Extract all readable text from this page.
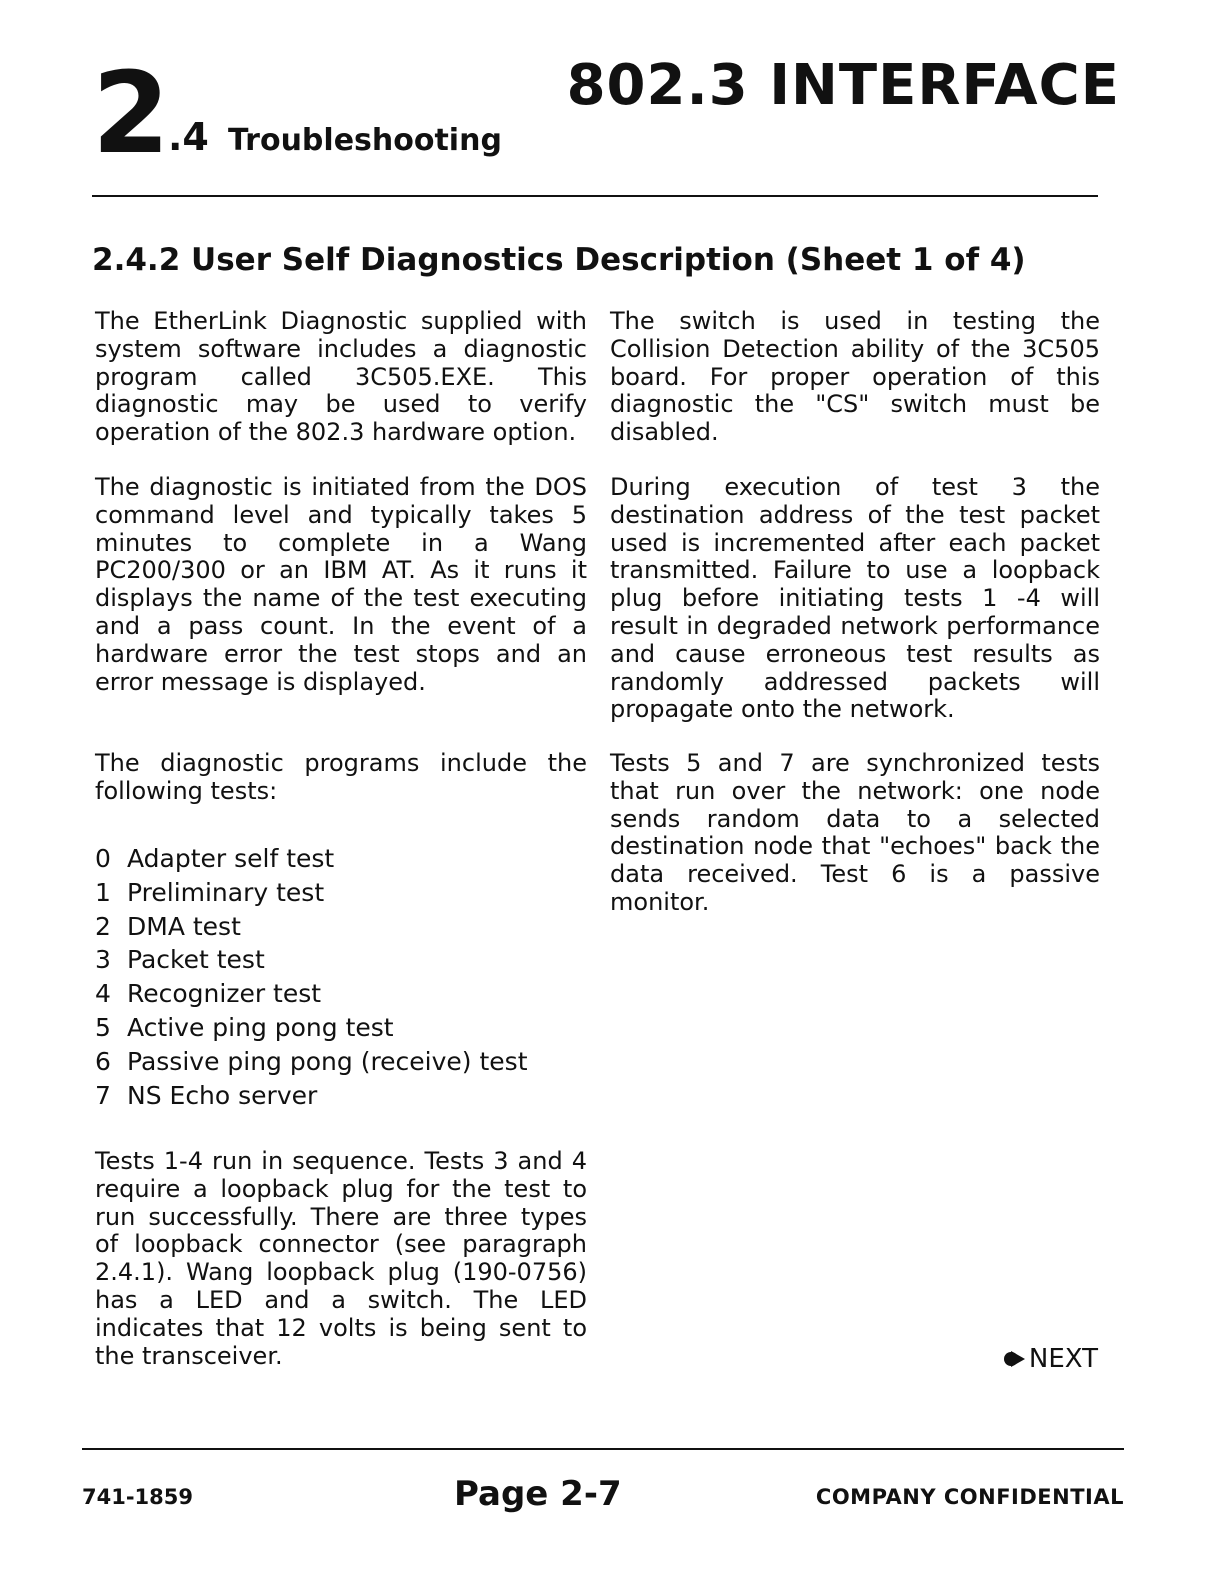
2 .4 Troubleshooting
802.3 INTERFACE
2.4.2 User Self Diagnostics Description (Sheet 1 of 4)

The EtherLink Diagnostic supplied with system software includes a diagnostic program called 3C505.EXE. This diagnostic may be used to verify operation of the 802.3 hardware option.

The diagnostic is initiated from the DOS command level and typically takes 5 minutes to complete in a Wang PC200/300 or an IBM AT. As it runs it displays the name of the test executing and a pass count. In the event of a hardware error the test stops and an error message is displayed.

The diagnostic programs include the following tests:

0 Adapter self test
1 Preliminary test
2 DMA test
3 Packet test
4 Recognizer test
5 Active ping pong test
6 Passive ping pong (receive) test
7 NS Echo server

Tests 1-4 run in sequence. Tests 3 and 4 require a loopback plug for the test to run successfully. There are three types of loopback connector (see paragraph 2.4.1). Wang loopback plug (190-0756) has a LED and a switch. The LED indicates that 12 volts is being sent to the transceiver.

The switch is used in testing the Collision Detection ability of the 3C505 board. For proper operation of this diagnostic the "CS" switch must be disabled.

During execution of test 3 the destination address of the test packet used is incremented after each packet transmitted. Failure to use a loopback plug before initiating tests 1 -4 will result in degraded network performance and cause erroneous test results as randomly addressed packets will propagate onto the network.

Tests 5 and 7 are synchronized tests that run over the network: one node sends random data to a selected destination node that "echoes" back the data received. Test 6 is a passive monitor.

NEXT
741-1859	Page 2-7	COMPANY CONFIDENTIAL
